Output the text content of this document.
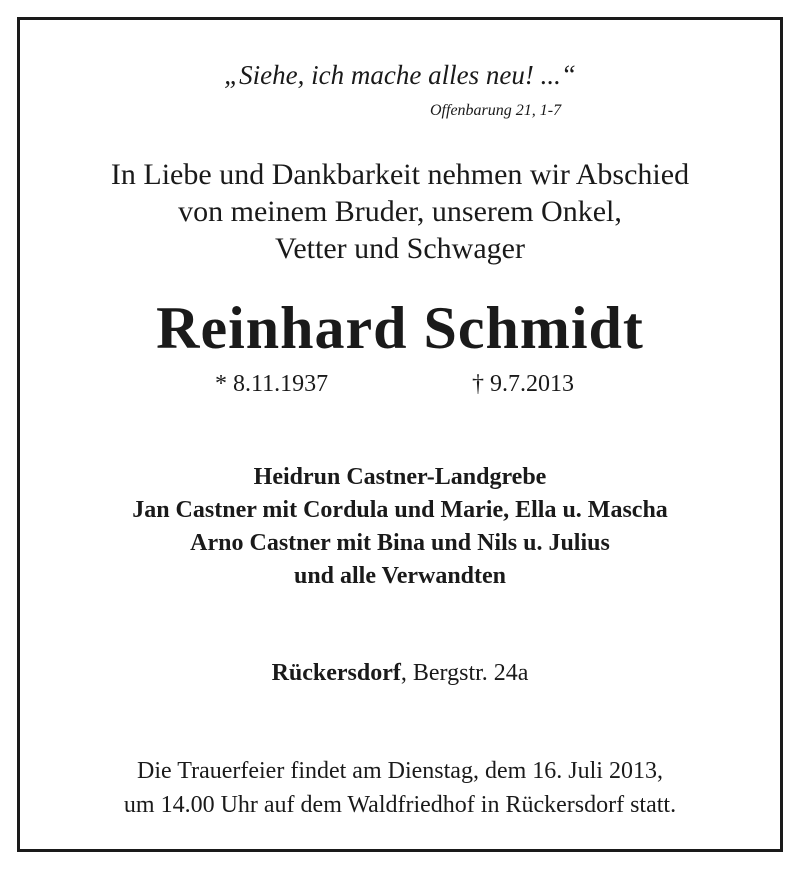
„Siehe, ich mache alles neu! ...“
Offenbarung 21, 1-7
In Liebe und Dankbarkeit nehmen wir Abschied
von meinem Bruder, unserem Onkel,
Vetter und Schwager
Reinhard Schmidt
* 8.11.1937	† 9.7.2013
Heidrun Castner-Landgrebe
Jan Castner mit Cordula und Marie, Ella u. Mascha
Arno Castner mit Bina und Nils u. Julius
und alle Verwandten
Rückersdorf, Bergstr. 24a
Die Trauerfeier findet am Dienstag, dem 16. Juli 2013,
um 14.00 Uhr auf dem Waldfriedhof in Rückersdorf statt.
